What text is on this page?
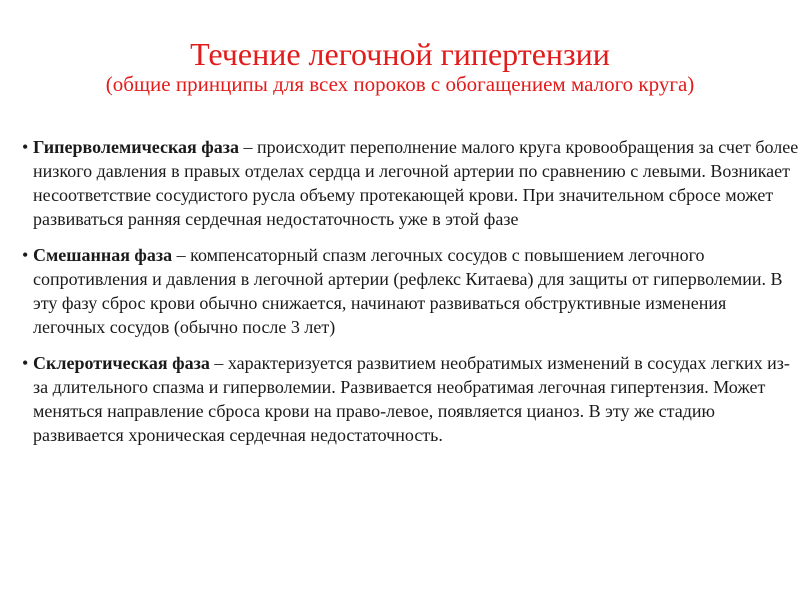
Течение легочной гипертензии
(общие принципы для всех пороков с обогащением малого круга)
• Гиперволемическая фаза – происходит переполнение малого круга кровообращения за счет более низкого давления в правых отделах сердца и легочной артерии по сравнению с левыми. Возникает несоответствие сосудистого русла объему протекающей крови. При значительном сбросе может развиваться ранняя сердечная недостаточность уже в этой фазе
• Смешанная фаза – компенсаторный спазм легочных сосудов с повышением легочного сопротивления и давления в легочной артерии (рефлекс Китаева) для защиты от гиперволемии. В эту фазу сброс крови обычно снижается, начинают развиваться обструктивные изменения легочных сосудов (обычно после 3 лет)
• Склеротическая фаза – характеризуется развитием необратимых изменений в сосудах легких из-за длительного спазма и гиперволемии. Развивается необратимая легочная гипертензия. Может меняться направление сброса крови на право-левое, появляется цианоз. В эту же стадию развивается хроническая сердечная недостаточность.
